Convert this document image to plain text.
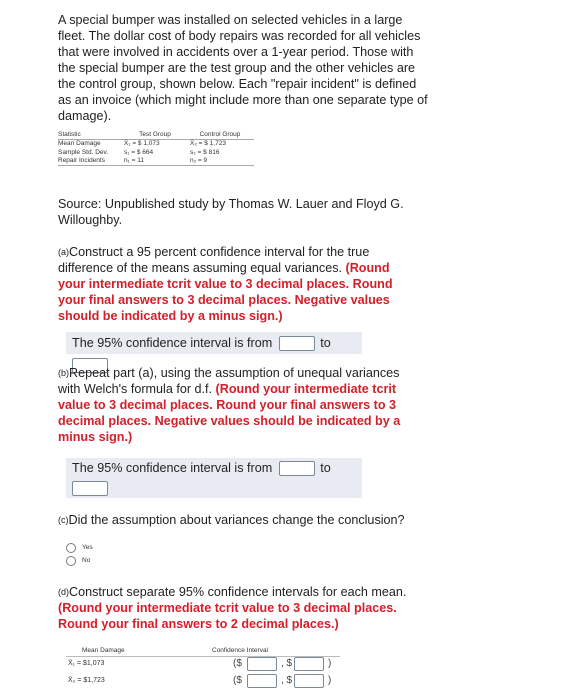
A special bumper was installed on selected vehicles in a large fleet. The dollar cost of body repairs was recorded for all vehicles that were involved in accidents over a 1-year period. Those with the special bumper are the test group and the other vehicles are the control group, shown below. Each "repair incident" is defined as an invoice (which might include more than one separate type of damage).
Statistic	Test Group	Control Group
Mean Damage	X̄₁ = $ 1,073	X̄₂ = $ 1,723
Sample Std. Dev.	s₁ = $ 664	s₂ = $ 816
Repair Incidents	n₁ = 11	n₂ = 9
Source: Unpublished study by Thomas W. Lauer and Floyd G. Willoughby.
$^{(a)}$Construct a 95 percent confidence interval for the true difference of the means assuming equal variances. (Round your intermediate tcrit value to 3 decimal places. Round your final answers to 3 decimal places. Negative values should be indicated by a minus sign.)
The 95% confidence interval is from	to
$^{(b)}$Repeat part (a), using the assumption of unequal variances with Welch's formula for d.f. (Round your intermediate tcrit value to 3 decimal places. Round your final answers to 3 decimal places. Negative values should be indicated by a minus sign.)
The 95% confidence interval is from	to

$^{(c)}$Did the assumption about variances change the conclusion?
Yes
No
$^{(d)}$Construct separate 95% confidence intervals for each mean. (Round your intermediate tcrit value to 3 decimal places. Round your final answers to 2 decimal places.)
Mean Damage	Confidence Interval
X̄₁ = $1,073	($	, $	)
X̄₂ = $1,723	($	, $	)
